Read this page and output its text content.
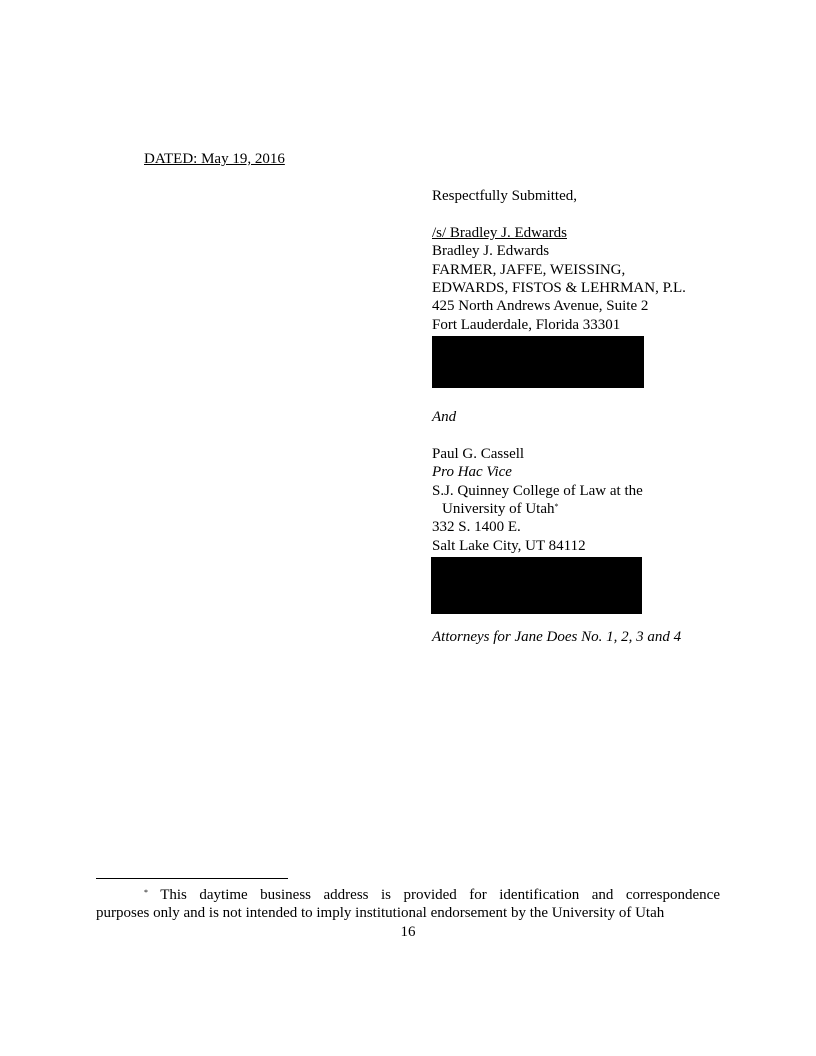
DATED: May 19, 2016
Respectfully Submitted,
/s/ Bradley J. Edwards
Bradley J. Edwards
FARMER, JAFFE, WEISSING,
EDWARDS, FISTOS & LEHRMAN, P.L.
425 North Andrews Avenue, Suite 2
Fort Lauderdale, Florida 33301
And
Paul G. Cassell
Pro Hac Vice
S.J. Quinney College of Law at the
University of Utah*
332 S. 1400 E.
Salt Lake City, UT 84112
Attorneys for Jane Does No. 1, 2, 3 and 4
* This daytime business address is provided for identification and correspondence
purposes only and is not intended to imply institutional endorsement by the University of Utah
16
